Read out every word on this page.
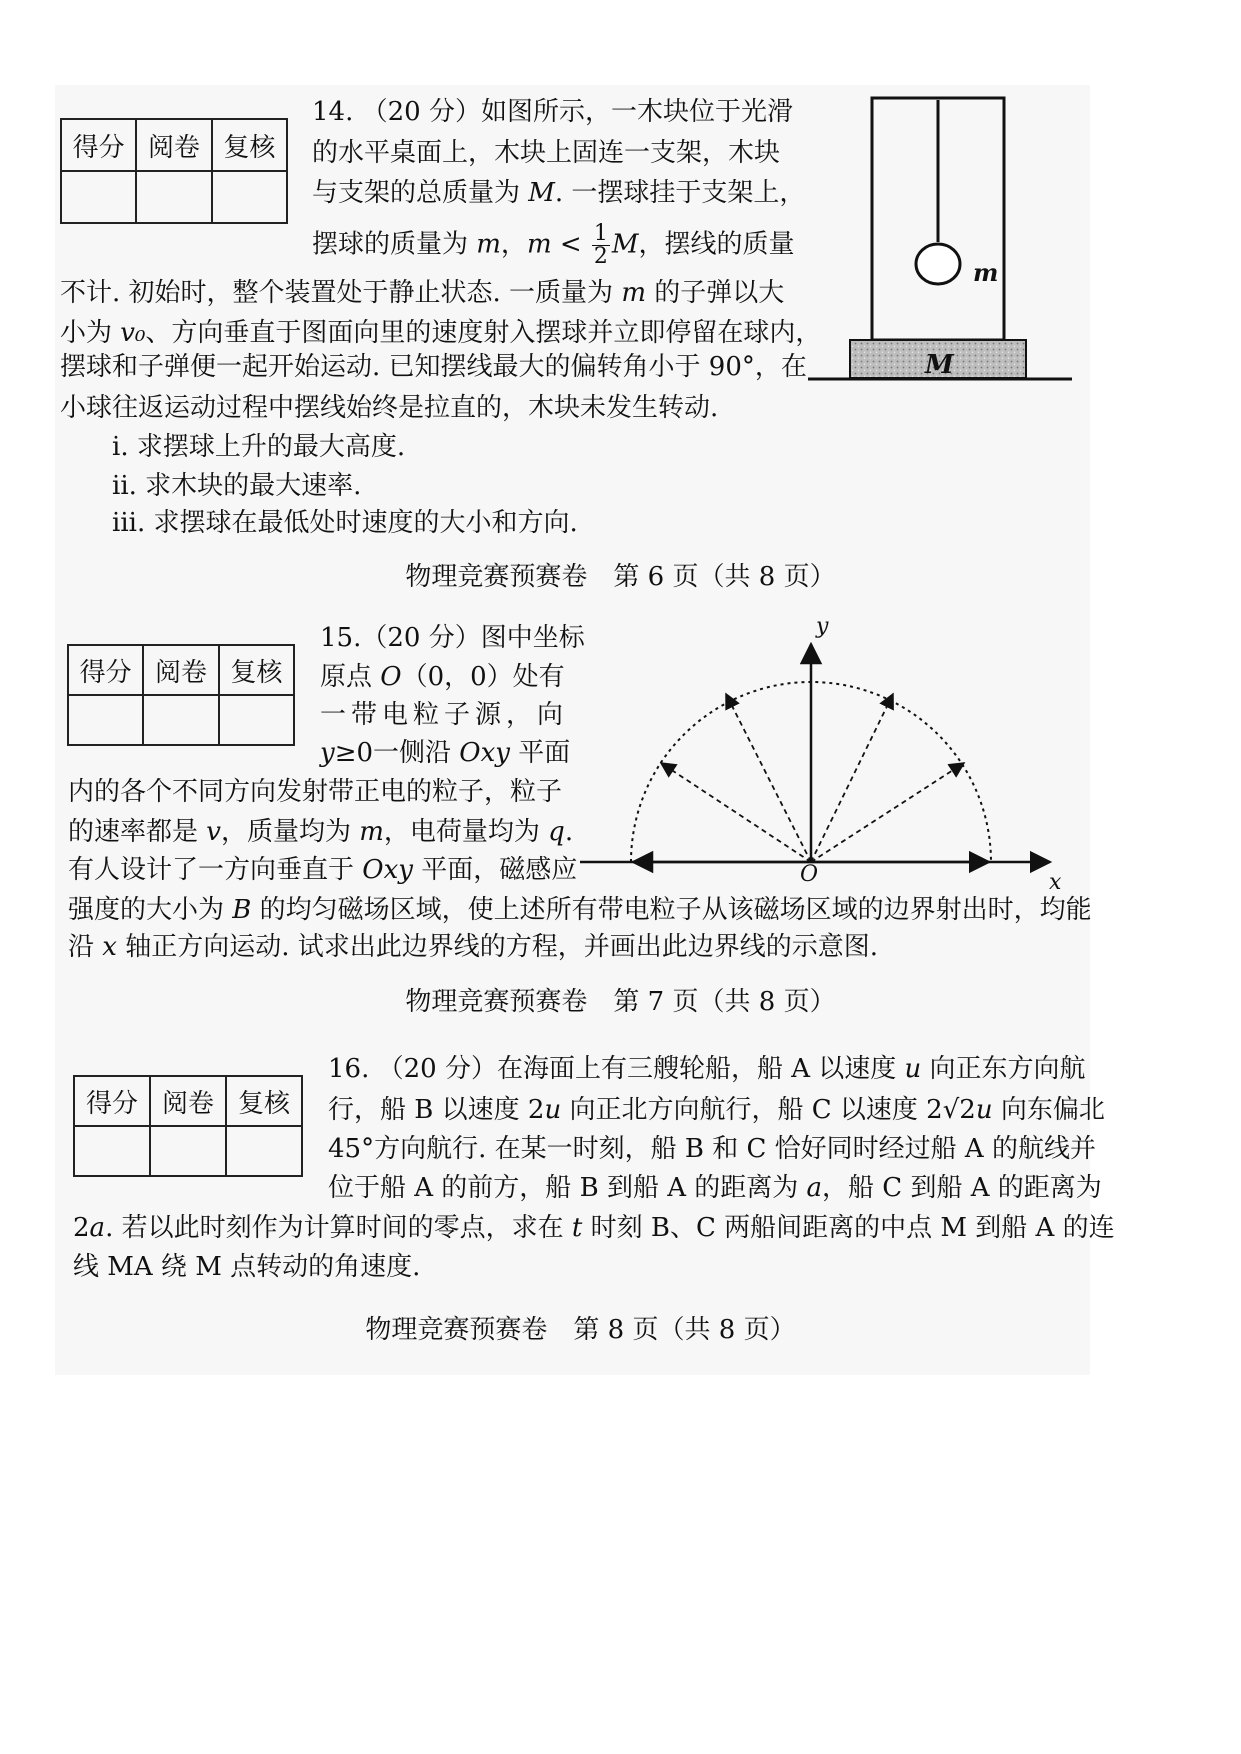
得分	阅卷	复核

14. （20 分）如图所示，一木块位于光滑
的水平桌面上，木块上固连一支架，木块
与支架的总质量为 M. 一摆球挂于支架上，
摆球的质量为 m，$m < \frac{1}{2}$ M，摆线的质量
不计. 初始时，整个装置处于静止状态. 一质量为 m 的子弹以大
小为 v₀、方向垂直于图面向里的速度射入摆球并立即停留在球内，
摆球和子弹便一起开始运动. 已知摆线最大的偏转角小于 90°，在
小球往返运动过程中摆线始终是拉直的，木块未发生转动.
i. 求摆球上升的最大高度.
ii. 求木块的最大速率.
iii. 求摆球在最低处时速度的大小和方向.
m
M
物理竞赛预赛卷　第 6 页（共 8 页）
得分	阅卷	复核

15.（20 分）图中坐标
原点 O（0，0）处有
一带电粒子源，向
y≥0一侧沿 Oxy 平面
内的各个不同方向发射带正电的粒子，粒子
的速率都是 v，质量均为 m，电荷量均为 q.
有人设计了一方向垂直于 Oxy 平面，磁感应
强度的大小为 B 的均匀磁场区域，使上述所有带电粒子从该磁场区域的边界射出时，均能
沿 x 轴正方向运动. 试求出此边界线的方程，并画出此边界线的示意图.
y
x
O
物理竞赛预赛卷　第 7 页（共 8 页）
得分	阅卷	复核

16. （20 分）在海面上有三艘轮船，船 A 以速度 u 向正东方向航
行，船 B 以速度 2u 向正北方向航行，船 C 以速度 2√2u 向东偏北
45°方向航行. 在某一时刻，船 B 和 C 恰好同时经过船 A 的航线并
位于船 A 的前方，船 B 到船 A 的距离为 a，船 C 到船 A 的距离为
2a. 若以此时刻作为计算时间的零点，求在 t 时刻 B、C 两船间距离的中点 M 到船 A 的连
线 MA 绕 M 点转动的角速度.
物理竞赛预赛卷　第 8 页（共 8 页）
